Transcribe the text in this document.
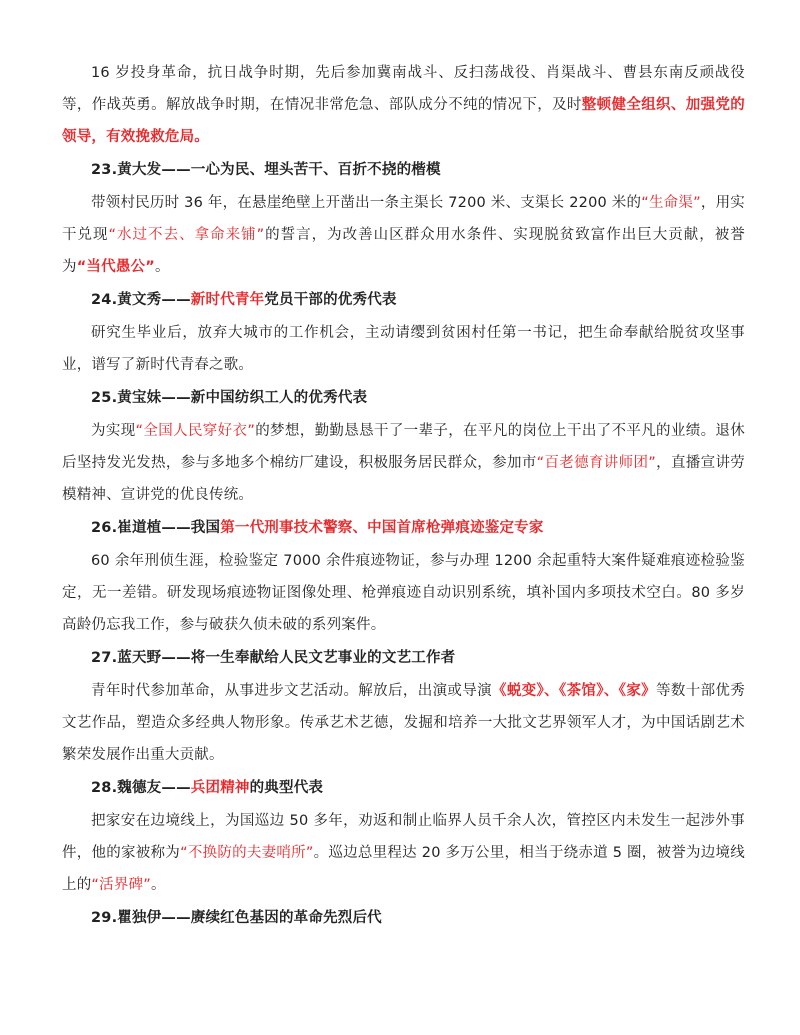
16 岁投身革命，抗日战争时期，先后参加冀南战斗、反扫荡战役、肖渠战斗、曹县东南反顽战役等，作战英勇。解放战争时期，在情况非常危急、部队成分不纯的情况下，及时整顿健全组织、加强党的领导，有效挽救危局。

23.黄大发——一心为民、埋头苦干、百折不挠的楷模

带领村民历时 36 年，在悬崖绝壁上开凿出一条主渠长 7200 米、支渠长 2200 米的“生命渠”，用实干兑现“水过不去、拿命来铺”的誓言，为改善山区群众用水条件、实现脱贫致富作出巨大贡献，被誉为“当代愚公”。

24.黄文秀——新时代青年党员干部的优秀代表

研究生毕业后，放弃大城市的工作机会，主动请缨到贫困村任第一书记，把生命奉献给脱贫攻坚事业，谱写了新时代青春之歌。

25.黄宝妹——新中国纺织工人的优秀代表

为实现“全国人民穿好衣”的梦想，勤勤恳恳干了一辈子，在平凡的岗位上干出了不平凡的业绩。退休后坚持发光发热，参与多地多个棉纺厂建设，积极服务居民群众，参加市“百老德育讲师团”，直播宣讲劳模精神、宣讲党的优良传统。

26.崔道植——我国第一代刑事技术警察、中国首席枪弹痕迹鉴定专家

60 余年刑侦生涯，检验鉴定 7000 余件痕迹物证，参与办理 1200 余起重特大案件疑难痕迹检验鉴定，无一差错。研发现场痕迹物证图像处理、枪弹痕迹自动识别系统，填补国内多项技术空白。80 多岁高龄仍忘我工作，参与破获久侦未破的系列案件。

27.蓝天野——将一生奉献给人民文艺事业的文艺工作者

青年时代参加革命，从事进步文艺活动。解放后，出演或导演《蜕变》、《茶馆》、《家》等数十部优秀文艺作品，塑造众多经典人物形象。传承艺术艺德，发掘和培养一大批文艺界领军人才，为中国话剧艺术繁荣发展作出重大贡献。

28.魏德友——兵团精神的典型代表

把家安在边境线上，为国巡边 50 多年，劝返和制止临界人员千余人次，管控区内未发生一起涉外事件，他的家被称为“不换防的夫妻哨所”。巡边总里程达 20 多万公里，相当于绕赤道 5 圈，被誉为边境线上的“活界碑”。

29.瞿独伊——赓续红色基因的革命先烈后代
